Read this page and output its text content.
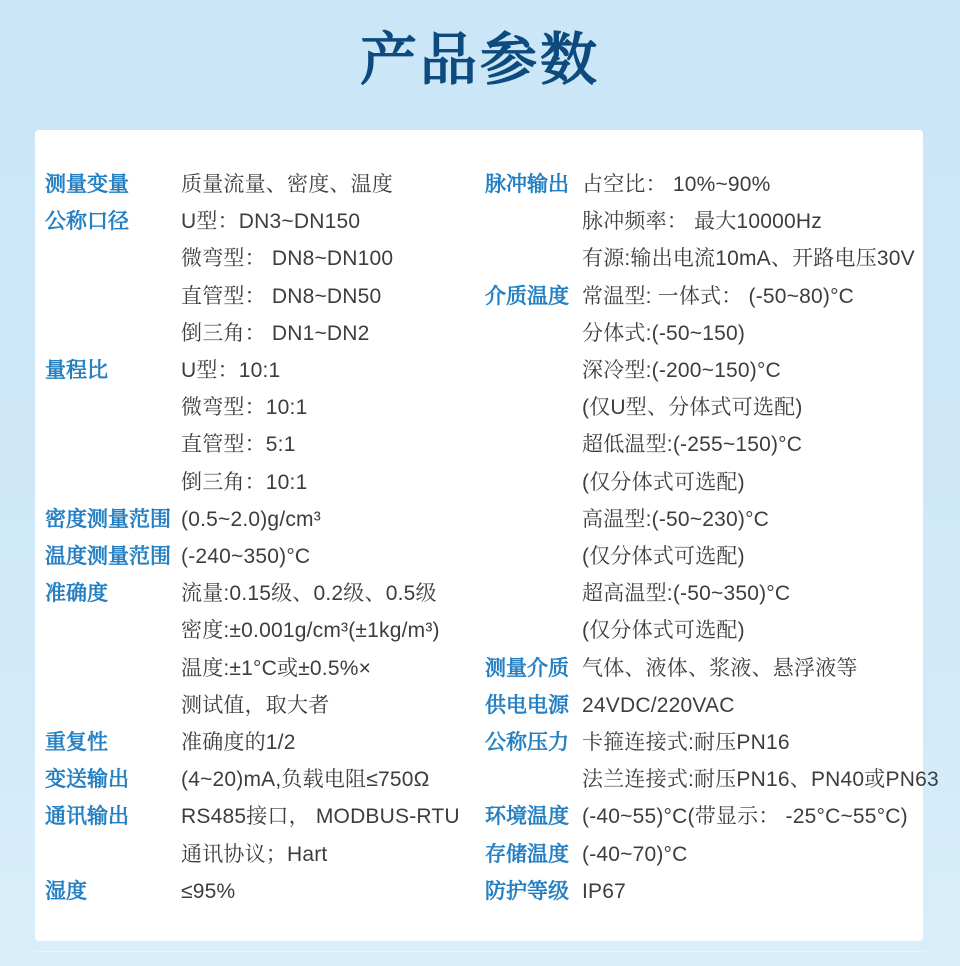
产品参数
测量变量	质量流量、密度、温度
公称口径	U型：DN3~DN150
微弯型： DN8~DN100
直管型： DN8~DN50
倒三角： DN1~DN2
量程比	U型：10:1
微弯型：10:1
直管型：5:1
倒三角：10:1
密度测量范围 (0.5~2.0)g/cm³
温度测量范围 (-240~350)°C
准确度	流量:0.15级、0.2级、0.5级
密度:±0.001g/cm³(±1kg/m³)
温度:±1°C或±0.5%×
测试值，取大者
重复性	准确度的1/2
变送输出	(4~20)mA,负载电阻≤750Ω
通讯输出	RS485接口， MODBUS-RTU
通讯协议；Hart
湿度	≤95%
脉冲输出 占空比： 10%~90%
脉冲频率： 最大10000Hz
有源:输出电流10mA、开路电压30V
介质温度 常温型: 一体式： (-50~80)°C
分体式:(-50~150)
深冷型:(-200~150)°C
(仅U型、分体式可选配)
超低温型:(-255~150)°C
(仅分体式可选配)
高温型:(-50~230)°C
(仅分体式可选配)
超高温型:(-50~350)°C
(仅分体式可选配)
测量介质 气体、液体、浆液、悬浮液等
供电电源 24VDC/220VAC
公称压力 卡箍连接式:耐压PN16
法兰连接式:耐压PN16、PN40或PN63
环境温度 (-40~55)°C(带显示： -25°C~55°C)
存储温度 (-40~70)°C
防护等级 IP67
